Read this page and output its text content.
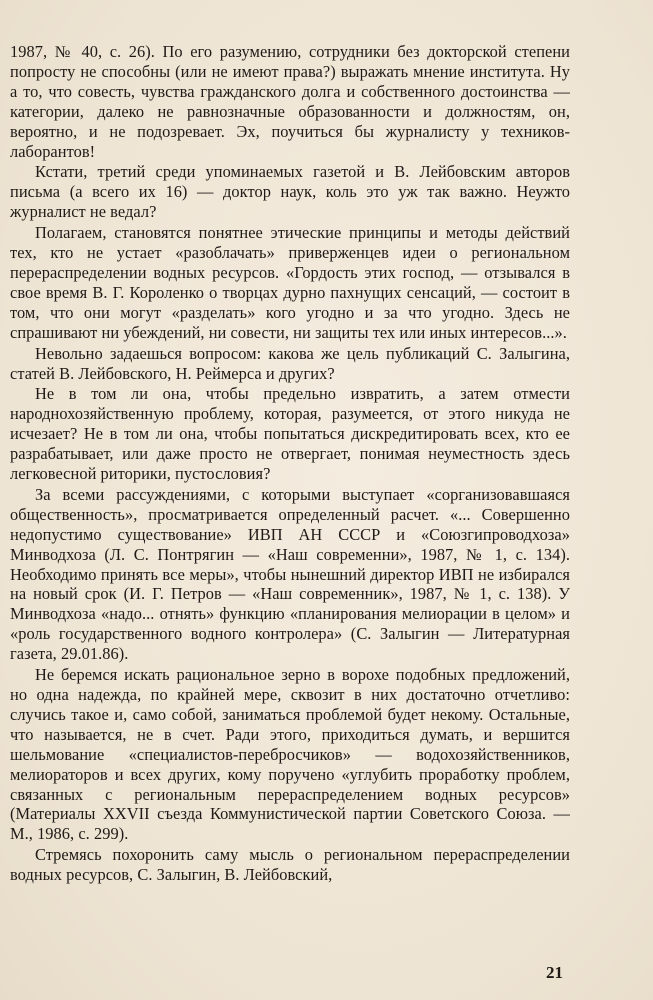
1987, № 40, с. 26). По его разумению, сотрудники без докторской степени попросту не способны (или не имеют права?) выражать мнение института. Ну а то, что совесть, чувства гражданского долга и собственного достоинства — категории, далеко не равнозначные образованности и должностям, он, вероятно, и не подозревает. Эх, поучиться бы журналисту у техников-лаборантов!

Кстати, третий среди упоминаемых газетой и В. Лейбовским авторов письма (а всего их 16) — доктор наук, коль это уж так важно. Неужто журналист не ведал?

Полагаем, становятся понятнее этические принципы и методы действий тех, кто не устает «разоблачать» приверженцев идеи о региональном перераспределении водных ресурсов. «Гордость этих господ, — отзывался в свое время В. Г. Короленко о творцах дурно пахнущих сенсаций, — состоит в том, что они могут «разделать» кого угодно и за что угодно. Здесь не спрашивают ни убеждений, ни совести, ни защиты тех или иных интересов...».

Невольно задаешься вопросом: какова же цель публикаций С. Залыгина, статей В. Лейбовского, Н. Реймерса и других?

Не в том ли она, чтобы предельно извратить, а затем отмести народнохозяйственную проблему, которая, разумеется, от этого никуда не исчезает? Не в том ли она, чтобы попытаться дискредитировать всех, кто ее разрабатывает, или даже просто не отвергает, понимая неуместность здесь легковесной риторики, пустословия?

За всеми рассуждениями, с которыми выступает «сорганизовавшаяся общественность», просматривается определенный расчет. «... Совершенно недопустимо существование» ИВП АН СССР и «Союзгипроводхоза» Минводхоза (Л. С. Понтрягин — «Наш современни», 1987, № 1, с. 134). Необходимо принять все меры», чтобы нынешний директор ИВП не избирался на новый срок (И. Г. Петров — «Наш современник», 1987, № 1, с. 138). У Минводхоза «надо... отнять» функцию «планирования мелиорации в целом» и «роль государственного водного контролера» (С. Залыгин — Литературная газета, 29.01.86).

Не беремся искать рациональное зерно в ворохе подобных предложений, но одна надежда, по крайней мере, сквозит в них достаточно отчетливо: случись такое и, само собой, заниматься проблемой будет некому. Остальные, что называется, не в счет. Ради этого, приходиться думать, и вершится шельмование «специалистов-перебросчиков» — водохозяйственников, мелиораторов и всех других, кому поручено «углубить проработку проблем, связанных с региональным перераспределением водных ресурсов» (Материалы XXVII съезда Коммунистической партии Советского Союза. — М., 1986, с. 299).

Стремясь похоронить саму мысль о региональном перераспределении водных ресурсов, С. Залыгин, В. Лейбовский,

21
